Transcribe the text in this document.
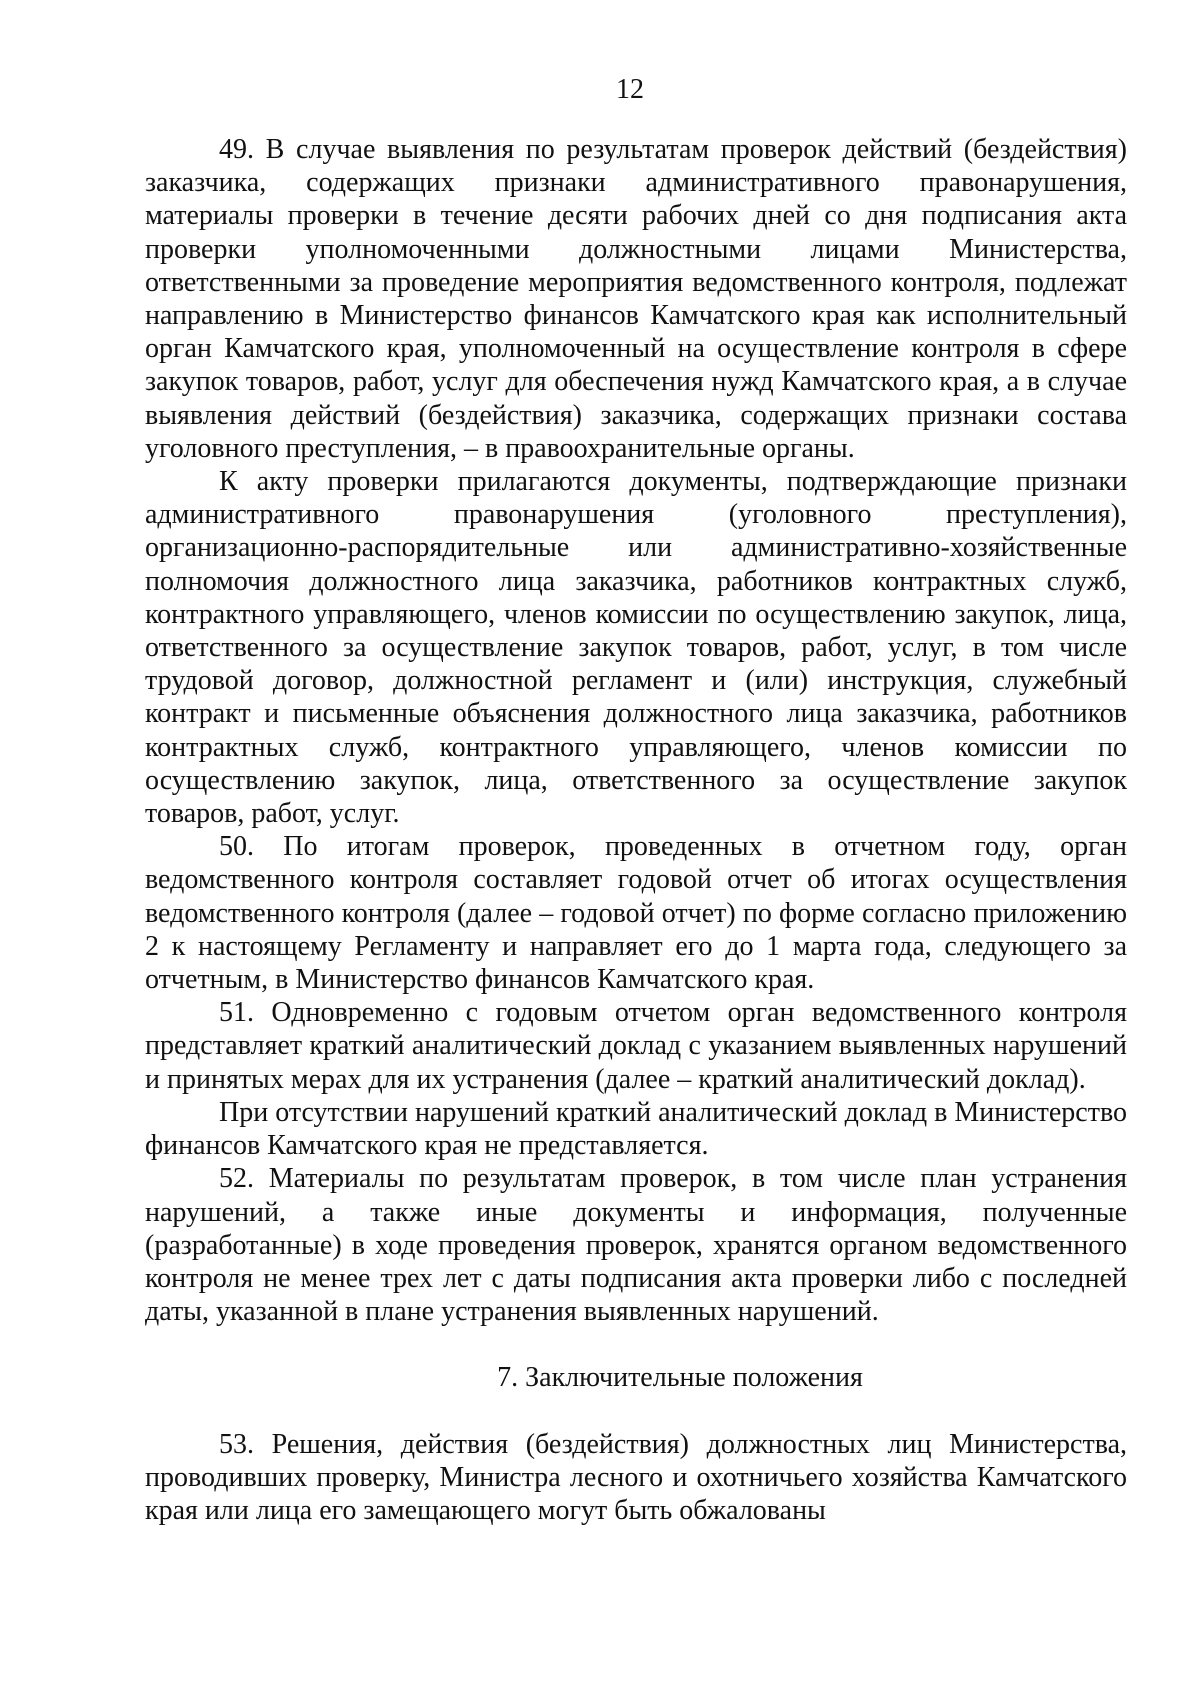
12

49. В случае выявления по результатам проверок действий (бездействия) заказчика, содержащих признаки административного правонарушения, материалы проверки в течение десяти рабочих дней со дня подписания акта проверки уполномоченными должностными лицами Министерства, ответственными за проведение мероприятия ведомственного контроля, подлежат направлению в Министерство финансов Камчатского края как исполнительный орган Камчатского края, уполномоченный на осуществление контроля в сфере закупок товаров, работ, услуг для обеспечения нужд Камчатского края, а в случае выявления действий (бездействия) заказчика, содержащих признаки состава уголовного преступления, – в правоохранительные органы.

К акту проверки прилагаются документы, подтверждающие признаки административного правонарушения (уголовного преступления), организационно-распорядительные или административно-хозяйственные полномочия должностного лица заказчика, работников контрактных служб, контрактного управляющего, членов комиссии по осуществлению закупок, лица, ответственного за осуществление закупок товаров, работ, услуг, в том числе трудовой договор, должностной регламент и (или) инструкция, служебный контракт и письменные объяснения должностного лица заказчика, работников контрактных служб, контрактного управляющего, членов комиссии по осуществлению закупок, лица, ответственного за осуществление закупок товаров, работ, услуг.

50. По итогам проверок, проведенных в отчетном году, орган ведомственного контроля составляет годовой отчет об итогах осуществления ведомственного контроля (далее – годовой отчет) по форме согласно приложению 2 к настоящему Регламенту и направляет его до 1 марта года, следующего за отчетным, в Министерство финансов Камчатского края.

51. Одновременно с годовым отчетом орган ведомственного контроля представляет краткий аналитический доклад с указанием выявленных нарушений и принятых мерах для их устранения (далее – краткий аналитический доклад).

При отсутствии нарушений краткий аналитический доклад в Министерство финансов Камчатского края не представляется.

52. Материалы по результатам проверок, в том числе план устранения нарушений, а также иные документы и информация, полученные (разработанные) в ходе проведения проверок, хранятся органом ведомственного контроля не менее трех лет с даты подписания акта проверки либо с последней даты, указанной в плане устранения выявленных нарушений.

7. Заключительные положения

53. Решения, действия (бездействия) должностных лиц Министерства, проводивших проверку, Министра лесного и охотничьего хозяйства Камчатского края или лица его замещающего могут быть обжалованы
